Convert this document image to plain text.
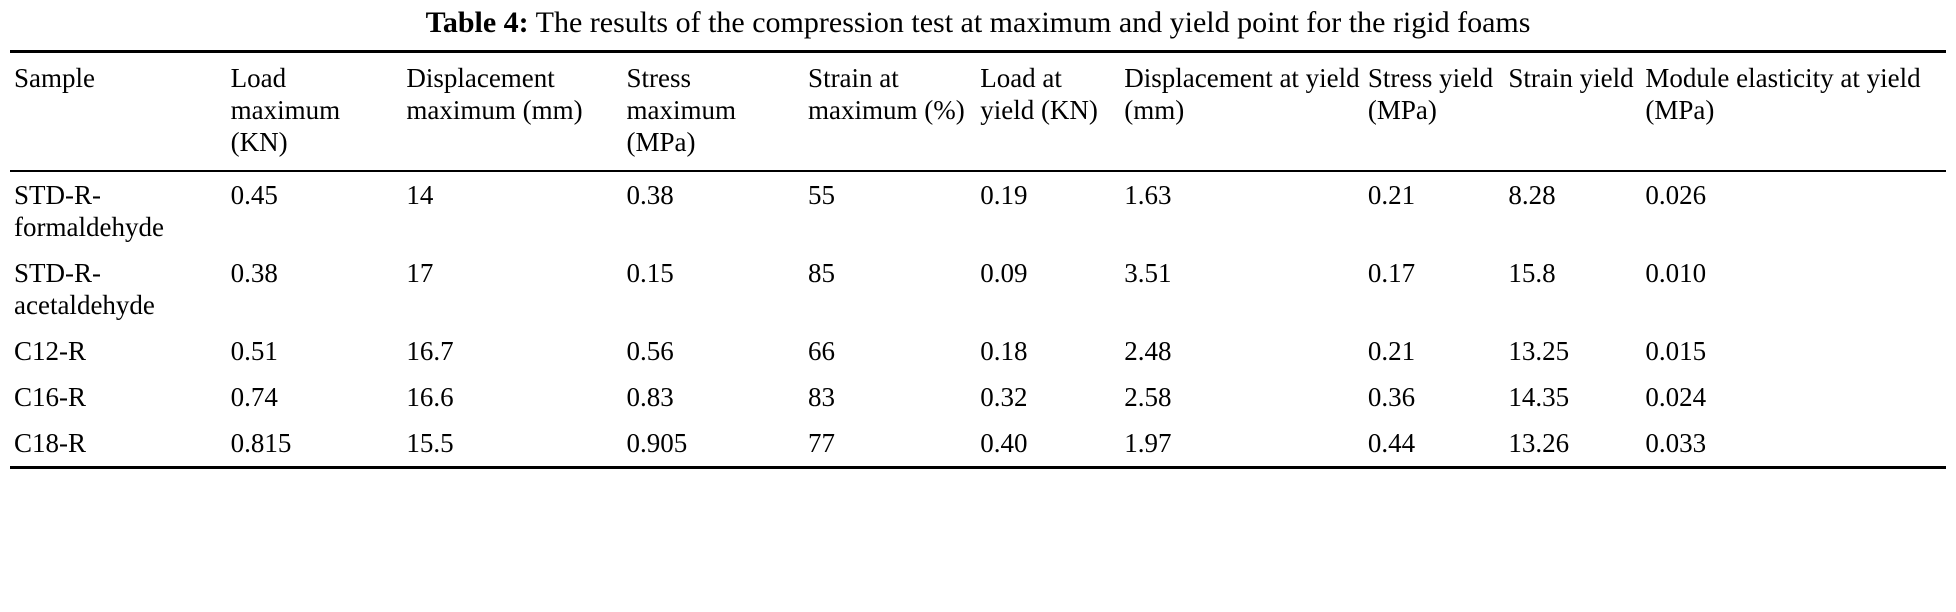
Table 4: The results of the compression test at maximum and yield point for the rigid foams
Sample	Load maximum (KN)	Displacement maximum (mm)	Stress maximum (MPa)	Strain at maximum (%)	Load at yield (KN)	Displacement at yield (mm)	Stress yield (MPa)	Strain yield	Module elasticity at yield (MPa)
STD-R-formaldehyde	0.45	14	0.38	55	0.19	1.63	0.21	8.28	0.026
STD-R-acetaldehyde	0.38	17	0.15	85	0.09	3.51	0.17	15.8	0.010
C12-R	0.51	16.7	0.56	66	0.18	2.48	0.21	13.25	0.015
C16-R	0.74	16.6	0.83	83	0.32	2.58	0.36	14.35	0.024
C18-R	0.815	15.5	0.905	77	0.40	1.97	0.44	13.26	0.033
